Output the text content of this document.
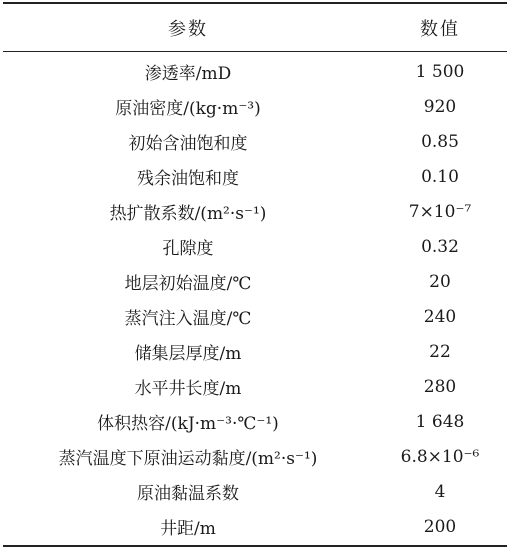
参数	数值
渗透率/mD	1 500
原油密度/(kg·m⁻³)	920
初始含油饱和度	0.85
残余油饱和度	0.10
热扩散系数/(m²·s⁻¹)	7×10⁻⁷
孔隙度	0.32
地层初始温度/℃	20
蒸汽注入温度/℃	240
储集层厚度/m	22
水平井长度/m	280
体积热容/(kJ·m⁻³·℃⁻¹)	1 648
蒸汽温度下原油运动黏度/(m²·s⁻¹)	6.8×10⁻⁶
原油黏温系数	4
井距/m	200
